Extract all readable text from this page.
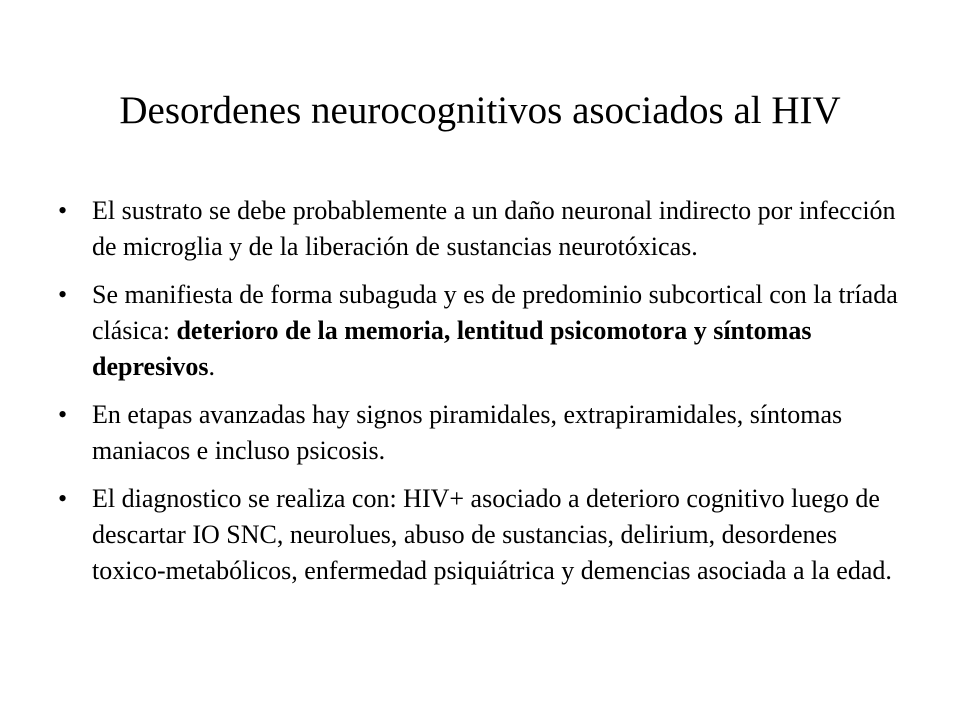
Desordenes neurocognitivos asociados al HIV
• El sustrato se debe probablemente a un daño neuronal indirecto por infección de microglia y de la liberación de sustancias neurotóxicas.
• Se manifiesta de forma subaguda y es de predominio subcortical con la tríada clásica: deterioro de la memoria, lentitud psicomotora y síntomas depresivos.
• En etapas avanzadas hay signos piramidales, extrapiramidales, síntomas maniacos e incluso psicosis.
• El diagnostico se realiza con: HIV+ asociado a deterioro cognitivo luego de descartar IO SNC, neurolues, abuso de sustancias, delirium, desordenes toxico-metabólicos, enfermedad psiquiátrica y demencias asociada a la edad.
